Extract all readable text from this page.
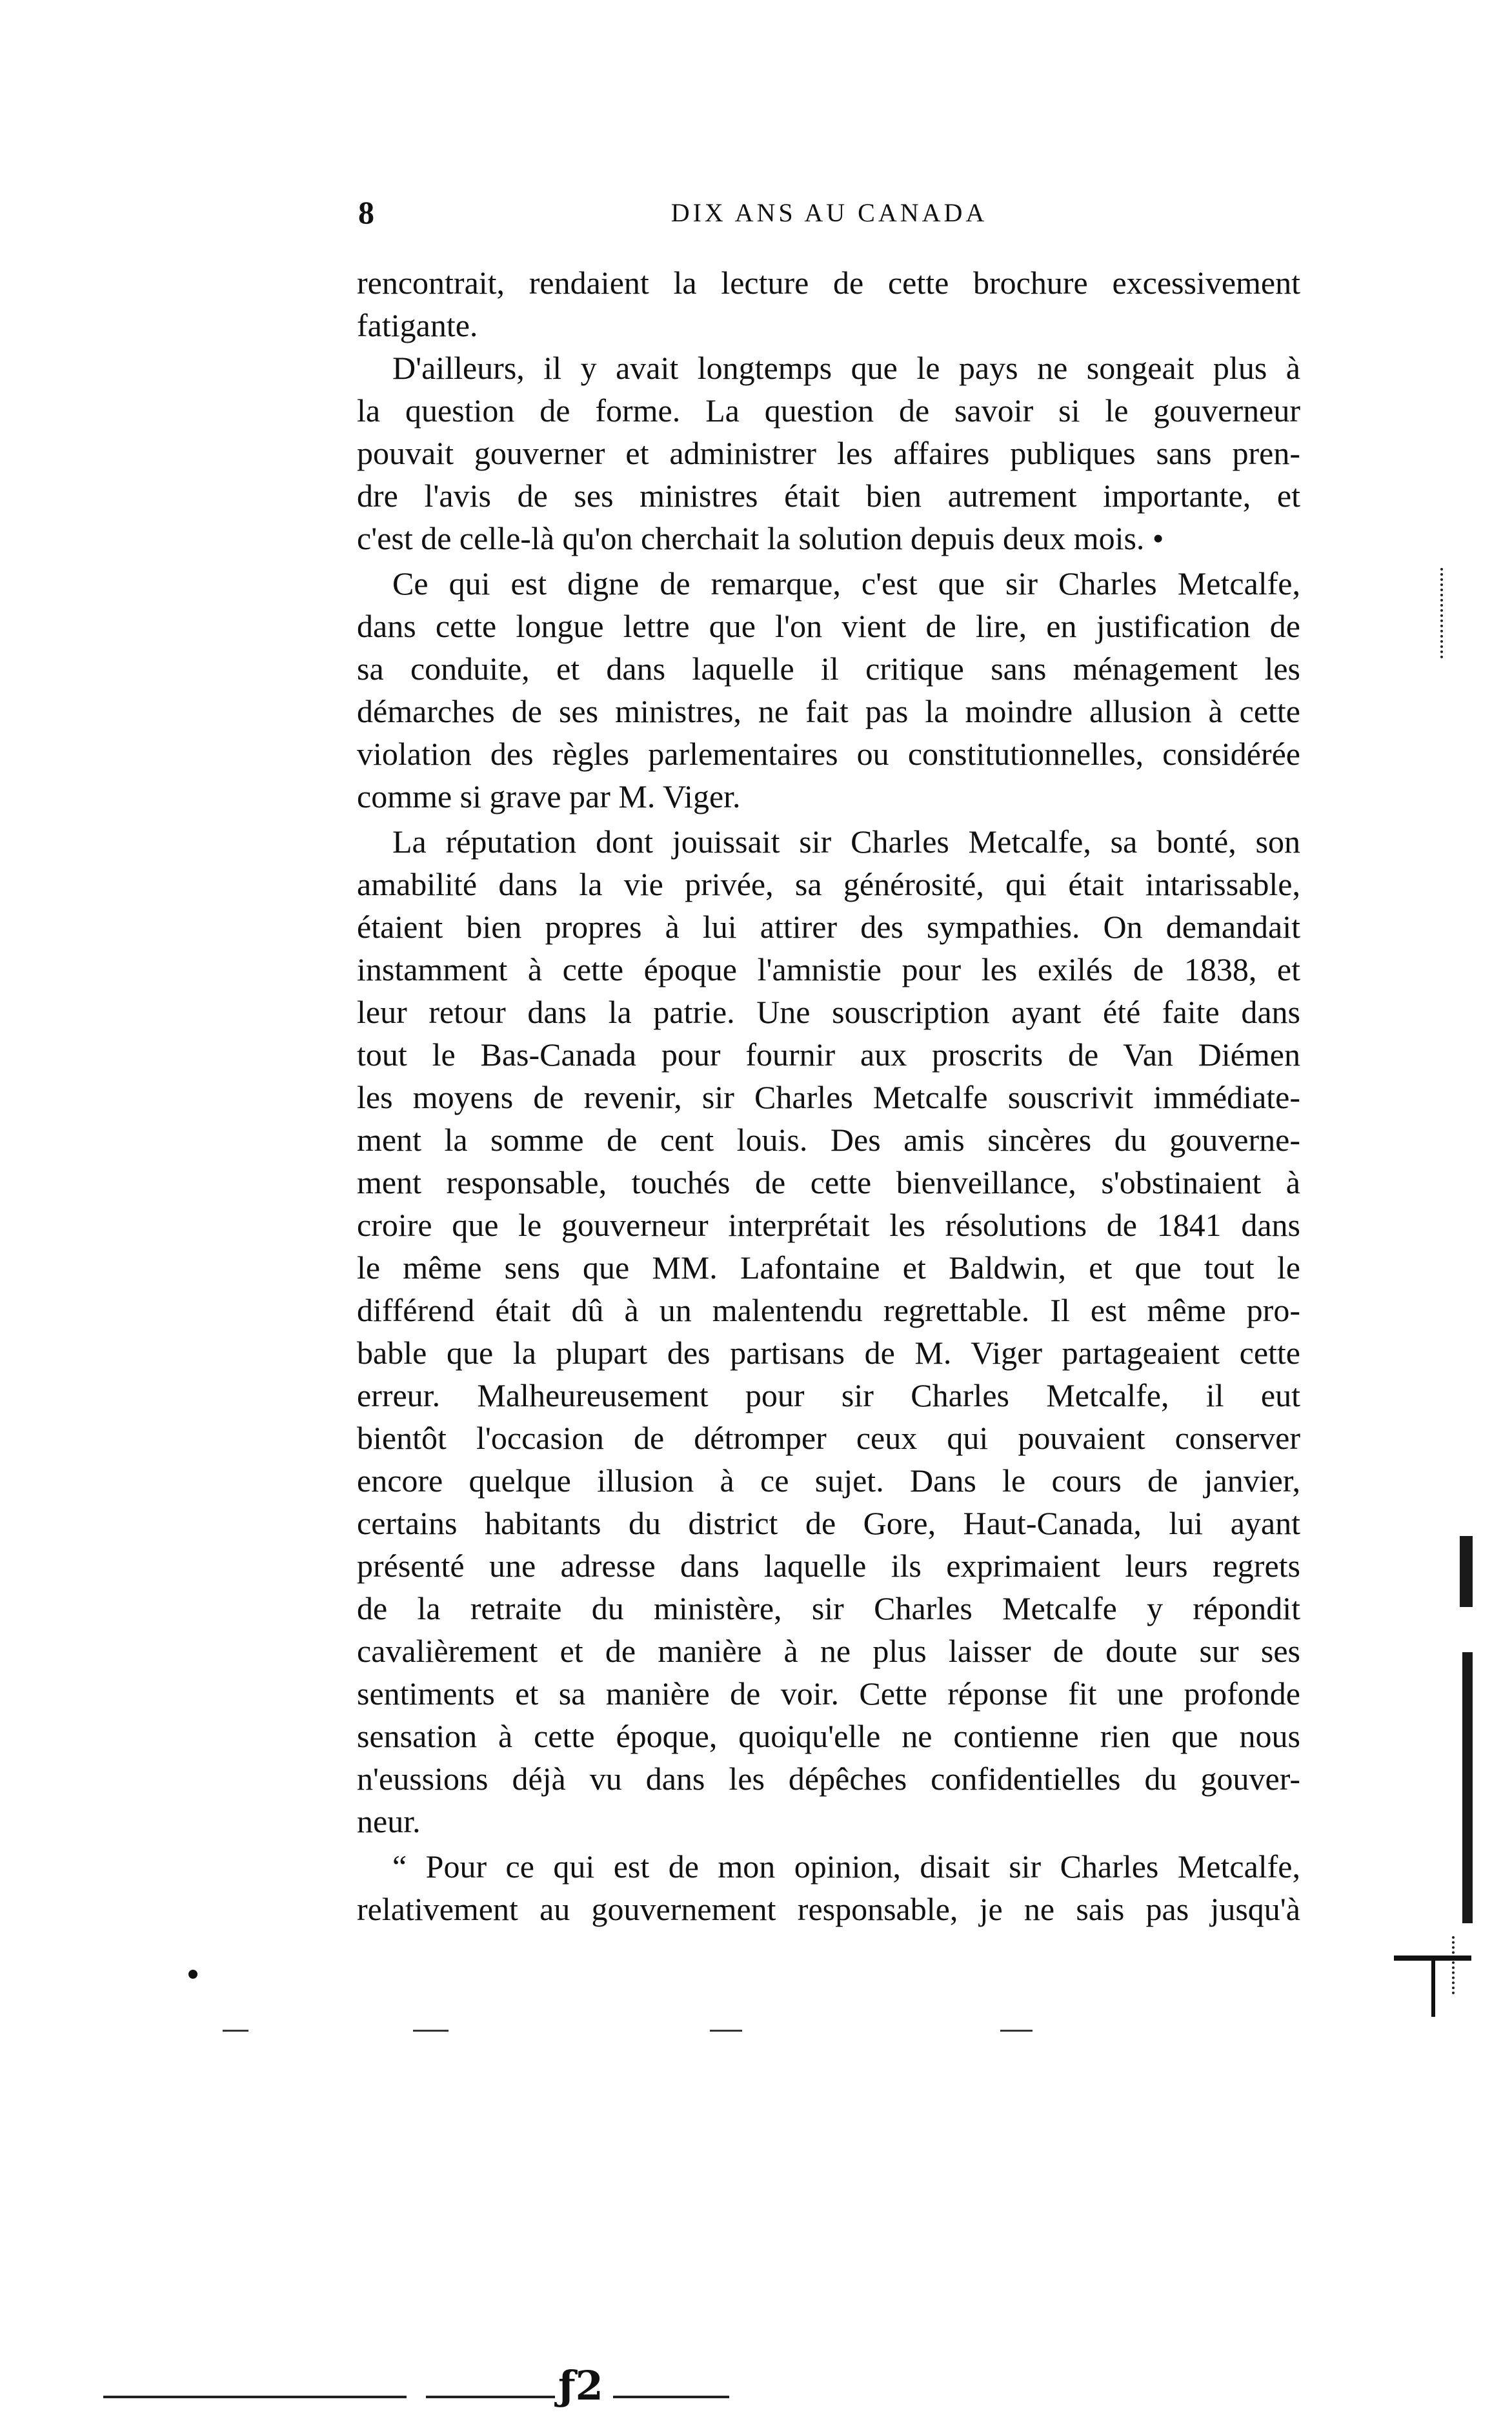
8	DIX ANS AU CANADA
rencontrait, rendaient la lecture de cette brochure excessivement
fatigante.
D'ailleurs, il y avait longtemps que le pays ne songeait plus à
la question de forme. La question de savoir si le gouverneur
pouvait gouverner et administrer les affaires publiques sans pren-
dre l'avis de ses ministres était bien autrement importante, et
c'est de celle-là qu'on cherchait la solution depuis deux mois. •
Ce qui est digne de remarque, c'est que sir Charles Metcalfe,
dans cette longue lettre que l'on vient de lire, en justification de
sa conduite, et dans laquelle il critique sans ménagement les
démarches de ses ministres, ne fait pas la moindre allusion à cette
violation des règles parlementaires ou constitutionnelles, considérée
comme si grave par M. Viger.
La réputation dont jouissait sir Charles Metcalfe, sa bonté, son
amabilité dans la vie privée, sa générosité, qui était intarissable,
étaient bien propres à lui attirer des sympathies. On demandait
instamment à cette époque l'amnistie pour les exilés de 1838, et
leur retour dans la patrie. Une souscription ayant été faite dans
tout le Bas-Canada pour fournir aux proscrits de Van Diémen
les moyens de revenir, sir Charles Metcalfe souscrivit immédiate-
ment la somme de cent louis. Des amis sincères du gouverne-
ment responsable, touchés de cette bienveillance, s'obstinaient à
croire que le gouverneur interprétait les résolutions de 1841 dans
le même sens que MM. Lafontaine et Baldwin, et que tout le
différend était dû à un malentendu regrettable. Il est même pro-
bable que la plupart des partisans de M. Viger partageaient cette
erreur. Malheureusement pour sir Charles Metcalfe, il eut
bientôt l'occasion de détromper ceux qui pouvaient conserver
encore quelque illusion à ce sujet. Dans le cours de janvier,
certains habitants du district de Gore, Haut-Canada, lui ayant
présenté une adresse dans laquelle ils exprimaient leurs regrets
de la retraite du ministère, sir Charles Metcalfe y répondit
cavalièrement et de manière à ne plus laisser de doute sur ses
sentiments et sa manière de voir. Cette réponse fit une profonde
sensation à cette époque, quoiqu'elle ne contienne rien que nous
n'eussions déjà vu dans les dépêches confidentielles du gouver-
neur.
“ Pour ce qui est de mon opinion, disait sir Charles Metcalfe,
relativement au gouvernement responsable, je ne sais pas jusqu'à
ƒ2
